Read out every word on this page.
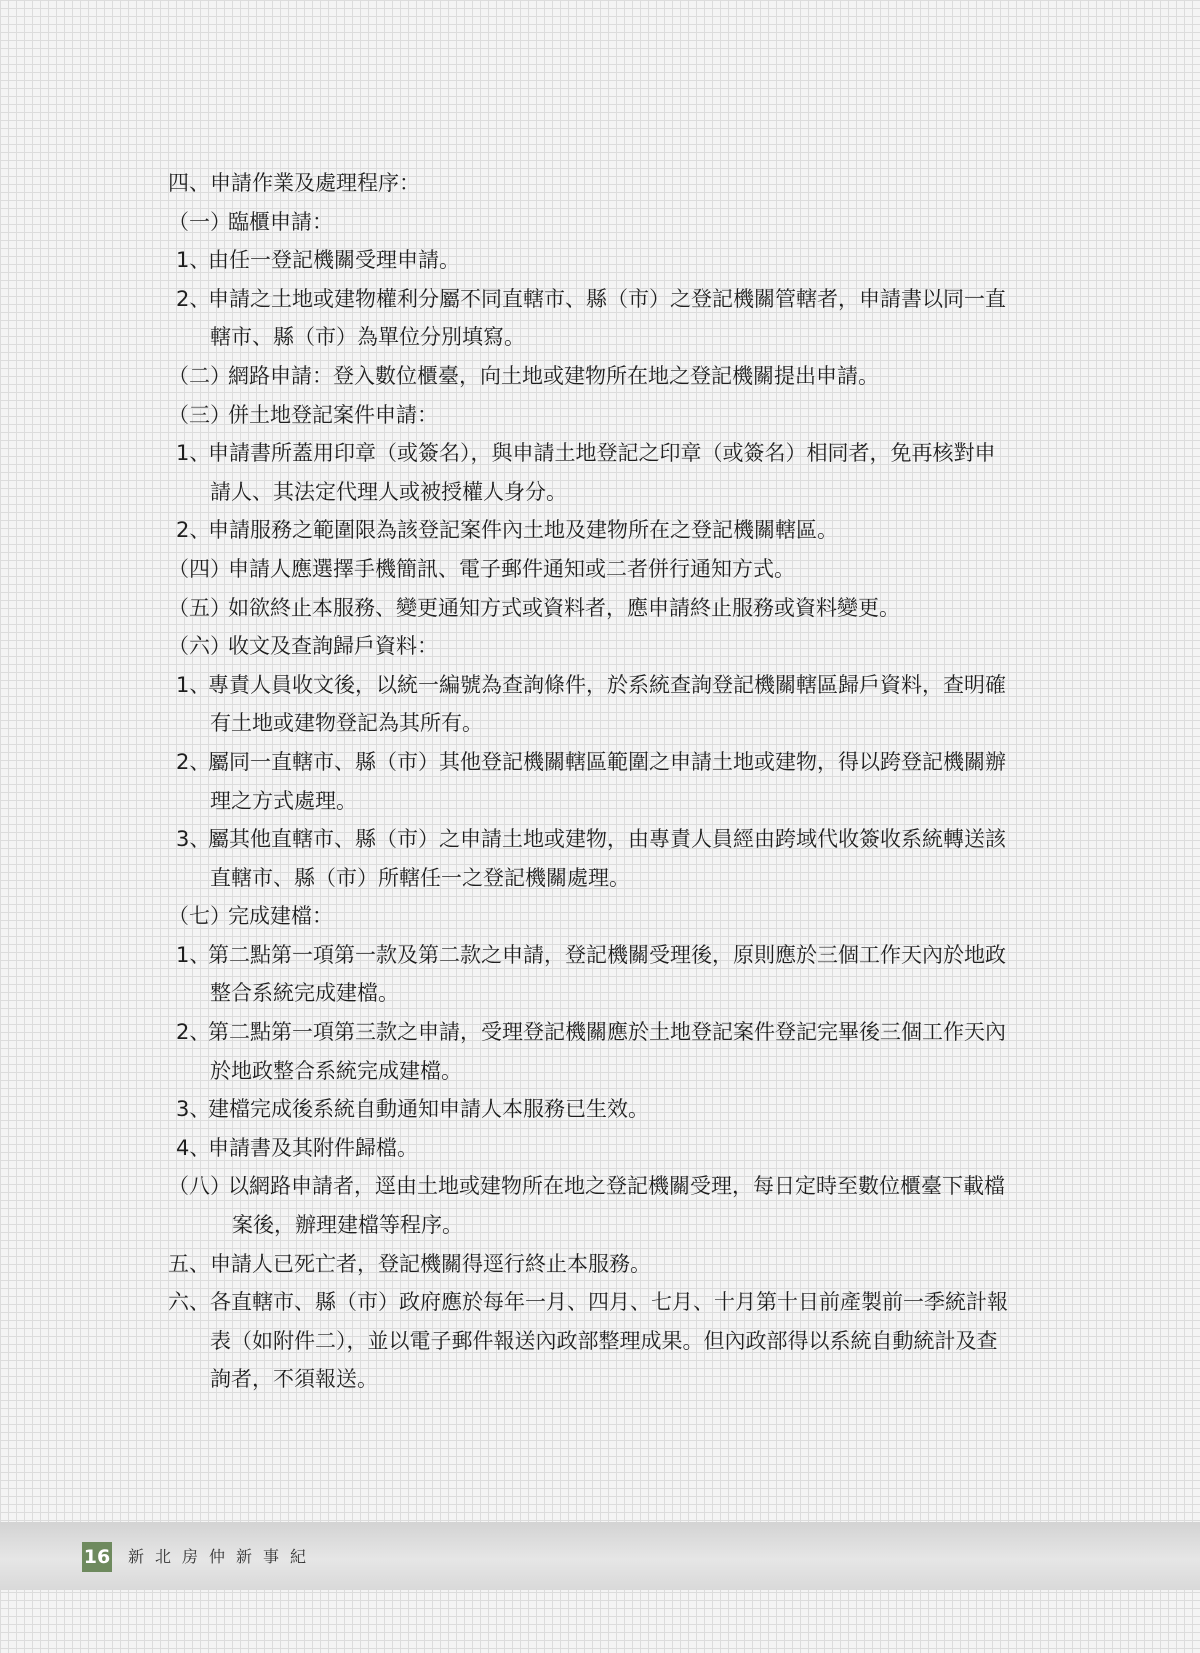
四、 申請作業及處理程序：
（一）
臨櫃申請：
1、
由任一登記機關受理申請。
2、
申請之土地或建物權利分屬不同直轄市、縣（市）之登記機關管轄者，申請書以同一直
轄市、縣（市）為單位分別填寫。
（二）
網路申請：登入數位櫃臺，向土地或建物所在地之登記機關提出申請。
（三）
併土地登記案件申請：
1、
申請書所蓋用印章（或簽名），與申請土地登記之印章（或簽名）相同者，免再核對申
請人、其法定代理人或被授權人身分。
2、
申請服務之範圍限為該登記案件內土地及建物所在之登記機關轄區。
（四）
申請人應選擇手機簡訊、電子郵件通知或二者併行通知方式。
（五）
如欲終止本服務、變更通知方式或資料者，應申請終止服務或資料變更。
（六）
收文及查詢歸戶資料：
1、
專責人員收文後，以統一編號為查詢條件，於系統查詢登記機關轄區歸戶資料，查明確
有土地或建物登記為其所有。
2、
屬同一直轄市、縣（市）其他登記機關轄區範圍之申請土地或建物，得以跨登記機關辦
理之方式處理。
3、
屬其他直轄市、縣（市）之申請土地或建物，由專責人員經由跨域代收簽收系統轉送該
直轄市、縣（市）所轄任一之登記機關處理。
（七）
完成建檔：
1、
第二點第一項第一款及第二款之申請，登記機關受理後，原則應於三個工作天內於地政
整合系統完成建檔。
2、
第二點第一項第三款之申請，受理登記機關應於土地登記案件登記完畢後三個工作天內
於地政整合系統完成建檔。
3、
建檔完成後系統自動通知申請人本服務已生效。
4、
申請書及其附件歸檔。
（八）
以網路申請者，逕由土地或建物所在地之登記機關受理，每日定時至數位櫃臺下載檔
案後，辦理建檔等程序。
五、 申請人已死亡者，登記機關得逕行終止本服務。
六、 各直轄市、縣（市）政府應於每年一月、四月、七月、十月第十日前產製前一季統計報
表（如附件二），並以電子郵件報送內政部整理成果。但內政部得以系統自動統計及查
詢者，不須報送。
16 新北房仲新事紀
